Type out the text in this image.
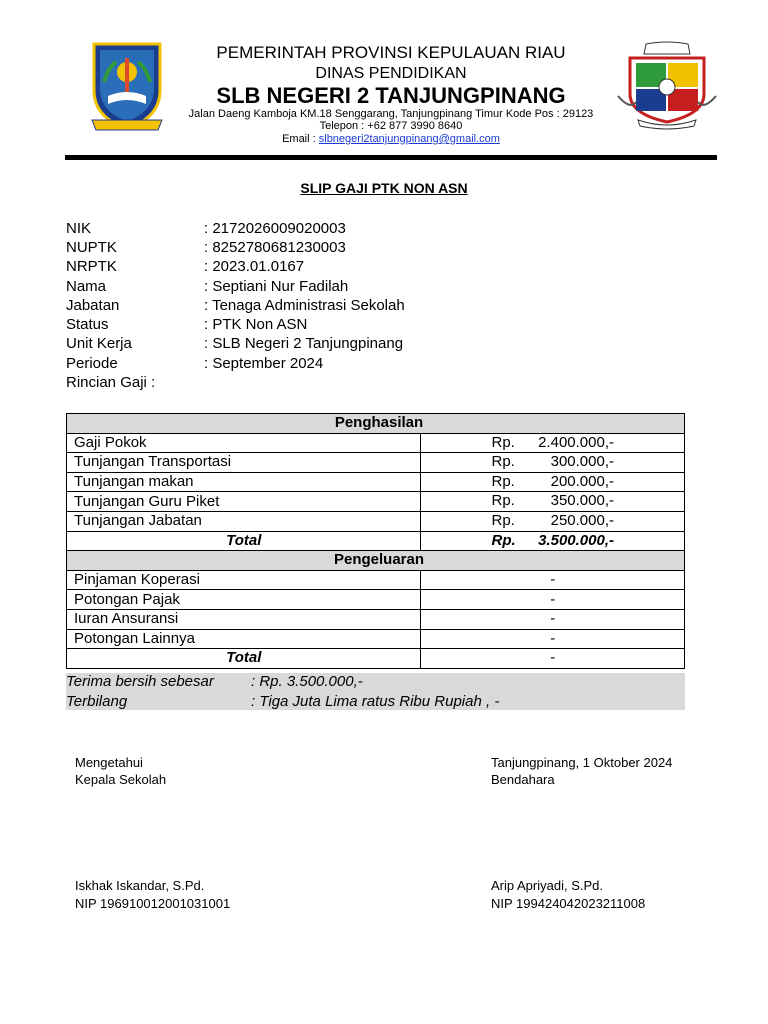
PEMERINTAH PROVINSI KEPULAUAN RIAU
DINAS PENDIDIKAN
SLB NEGERI 2 TANJUNGPINANG
Jalan Daeng Kamboja KM.18 Senggarang, Tanjungpinang Timur Kode Pos : 29123
Telepon : +62 877 3990 8640
Email : slbnegeri2tanjungpinang@gmail.com
SLIP GAJI PTK NON ASN
NIK	: 2172026009020003
NUPTK	: 8252780681230003
NRPTK	: 2023.01.0167
Nama	: Septiani Nur Fadilah
Jabatan	: Tenaga Administrasi Sekolah
Status	: PTK Non ASN
Unit Kerja	: SLB Negeri 2 Tanjungpinang
Periode	: September 2024
Rincian Gaji :
Penghasilan	
Gaji Pokok	Rp. 2.400.000,-

Tunjangan Transportasi	Rp. 300.000,-

Tunjangan makan	Rp. 200.000,-

Tunjangan Guru Piket	Rp. 350.000,-

Tunjangan Jabatan	Rp. 250.000,-

Total	Rp. 3.500.000,-

Pengeluaran	
Pinjaman Koperasi	-
Potongan Pajak	-
Iuran Ansuransi	-
Potongan Lainnya	-
Total	-
Terima bersih sebesar : Rp. 3.500.000,-
Terbilang	: Tiga Juta Lima ratus Ribu Rupiah , -
Mengetahui
Kepala Sekolah
Iskhak Iskandar, S.Pd.
NIP 196910012001031001
Tanjungpinang, 1 Oktober 2024
Bendahara
Arip Apriyadi, S.Pd.
NIP 199424042023211008
